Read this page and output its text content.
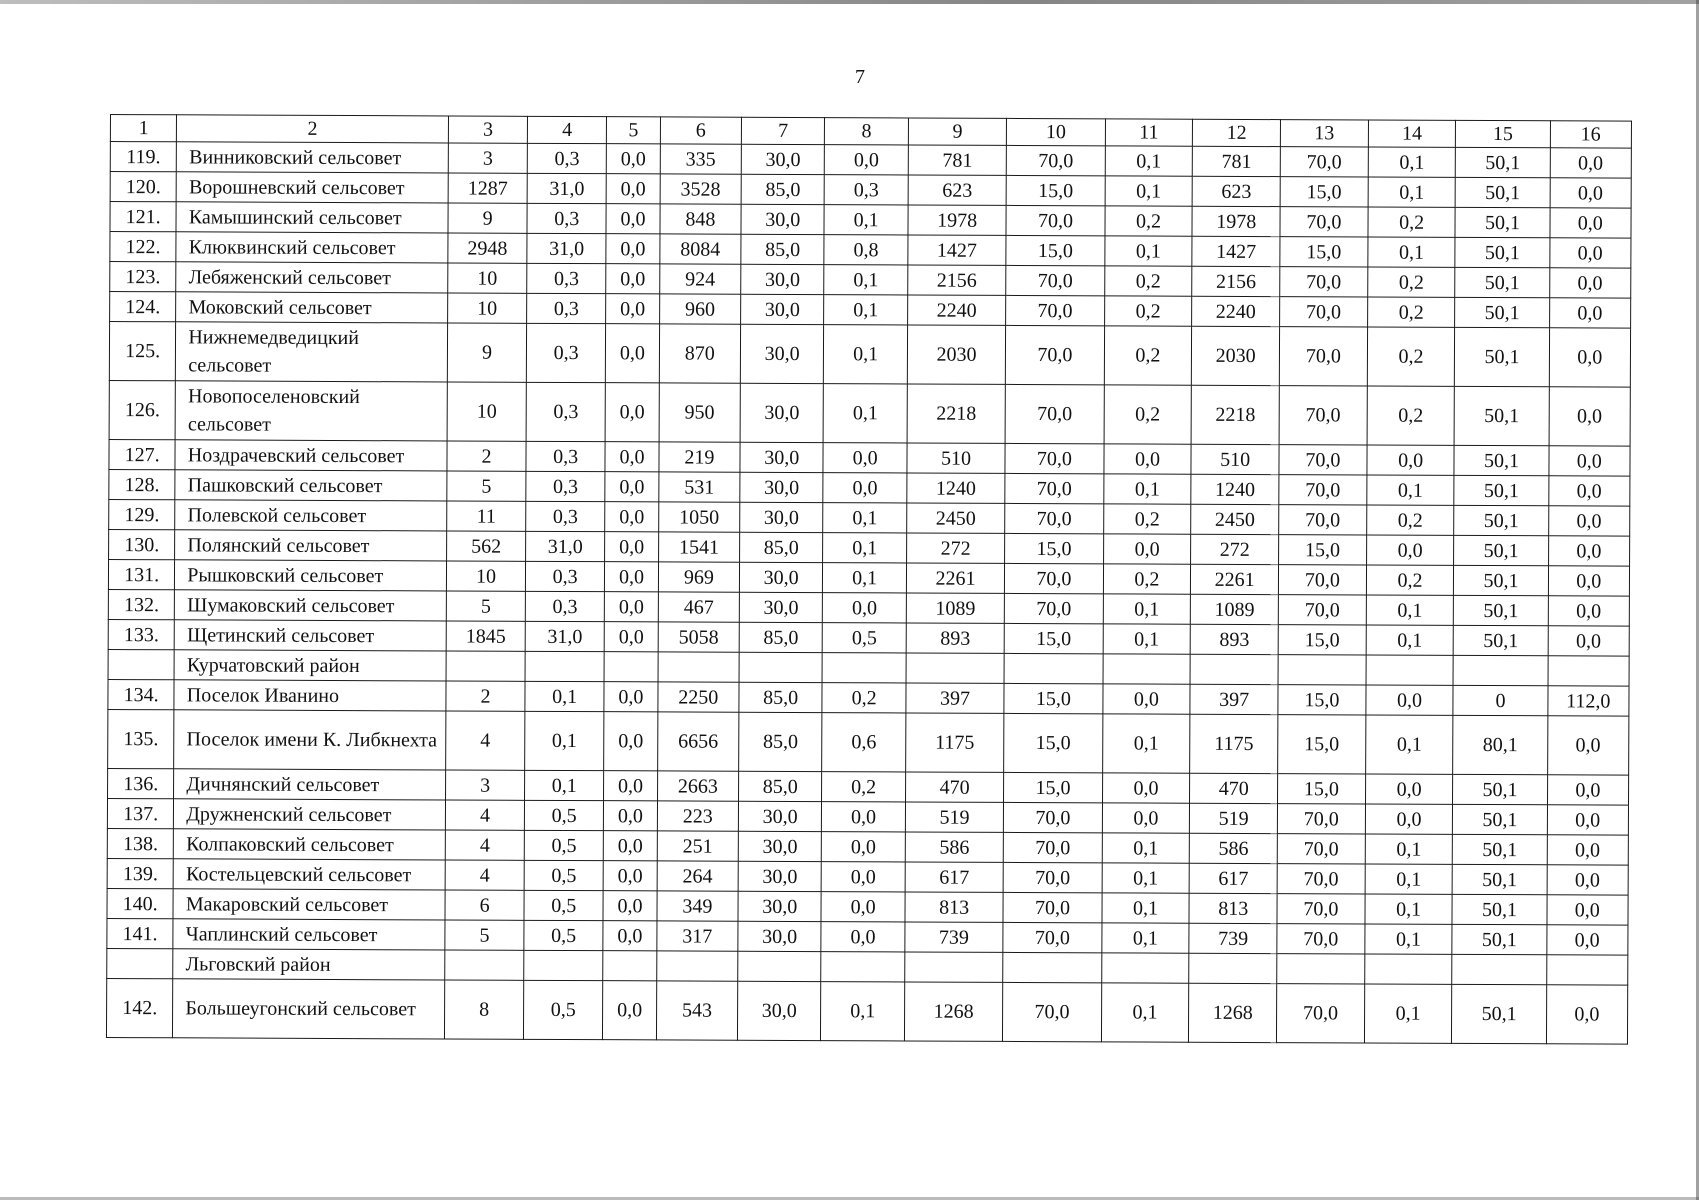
7
1	2	3	4	5	6	7	8	9	10	11	12	13	14	15	16
119.	Винниковский сельсовет	3	0,3	0,0	335	30,0	0,0	781	70,0	0,1	781	70,0	0,1	50,1	0,0
120.	Ворошневский сельсовет	1287	31,0	0,0	3528	85,0	0,3	623	15,0	0,1	623	15,0	0,1	50,1	0,0
121.	Камышинский сельсовет	9	0,3	0,0	848	30,0	0,1	1978	70,0	0,2	1978	70,0	0,2	50,1	0,0
122.	Клюквинский сельсовет	2948	31,0	0,0	8084	85,0	0,8	1427	15,0	0,1	1427	15,0	0,1	50,1	0,0
123.	Лебяженский сельсовет	10	0,3	0,0	924	30,0	0,1	2156	70,0	0,2	2156	70,0	0,2	50,1	0,0
124.	Моковский сельсовет	10	0,3	0,0	960	30,0	0,1	2240	70,0	0,2	2240	70,0	0,2	50,1	0,0
125.	Нижнемедведицкий сельсовет	9	0,3	0,0	870	30,0	0,1	2030	70,0	0,2	2030	70,0	0,2	50,1	0,0
126.	Новопоселеновский сельсовет	10	0,3	0,0	950	30,0	0,1	2218	70,0	0,2	2218	70,0	0,2	50,1	0,0
127.	Ноздрачевский сельсовет	2	0,3	0,0	219	30,0	0,0	510	70,0	0,0	510	70,0	0,0	50,1	0,0
128.	Пашковский сельсовет	5	0,3	0,0	531	30,0	0,0	1240	70,0	0,1	1240	70,0	0,1	50,1	0,0
129.	Полевской сельсовет	11	0,3	0,0	1050	30,0	0,1	2450	70,0	0,2	2450	70,0	0,2	50,1	0,0
130.	Полянский сельсовет	562	31,0	0,0	1541	85,0	0,1	272	15,0	0,0	272	15,0	0,0	50,1	0,0
131.	Рышковский сельсовет	10	0,3	0,0	969	30,0	0,1	2261	70,0	0,2	2261	70,0	0,2	50,1	0,0
132.	Шумаковский сельсовет	5	0,3	0,0	467	30,0	0,0	1089	70,0	0,1	1089	70,0	0,1	50,1	0,0
133.	Щетинский сельсовет	1845	31,0	0,0	5058	85,0	0,5	893	15,0	0,1	893	15,0	0,1	50,1	0,0
	Курчатовский район														
134.	Поселок Иванино	2	0,1	0,0	2250	85,0	0,2	397	15,0	0,0	397	15,0	0,0	0	112,0
135.	Поселок имени К. Либкнехта	4	0,1	0,0	6656	85,0	0,6	1175	15,0	0,1	1175	15,0	0,1	80,1	0,0
136.	Дичнянский сельсовет	3	0,1	0,0	2663	85,0	0,2	470	15,0	0,0	470	15,0	0,0	50,1	0,0
137.	Дружненский сельсовет	4	0,5	0,0	223	30,0	0,0	519	70,0	0,0	519	70,0	0,0	50,1	0,0
138.	Колпаковский сельсовет	4	0,5	0,0	251	30,0	0,0	586	70,0	0,1	586	70,0	0,1	50,1	0,0
139.	Костельцевский сельсовет	4	0,5	0,0	264	30,0	0,0	617	70,0	0,1	617	70,0	0,1	50,1	0,0
140.	Макаровский сельсовет	6	0,5	0,0	349	30,0	0,0	813	70,0	0,1	813	70,0	0,1	50,1	0,0
141.	Чаплинский сельсовет	5	0,5	0,0	317	30,0	0,0	739	70,0	0,1	739	70,0	0,1	50,1	0,0
	Льговский район														
142.	Большеугонский сельсовет	8	0,5	0,0	543	30,0	0,1	1268	70,0	0,1	1268	70,0	0,1	50,1	0,0
